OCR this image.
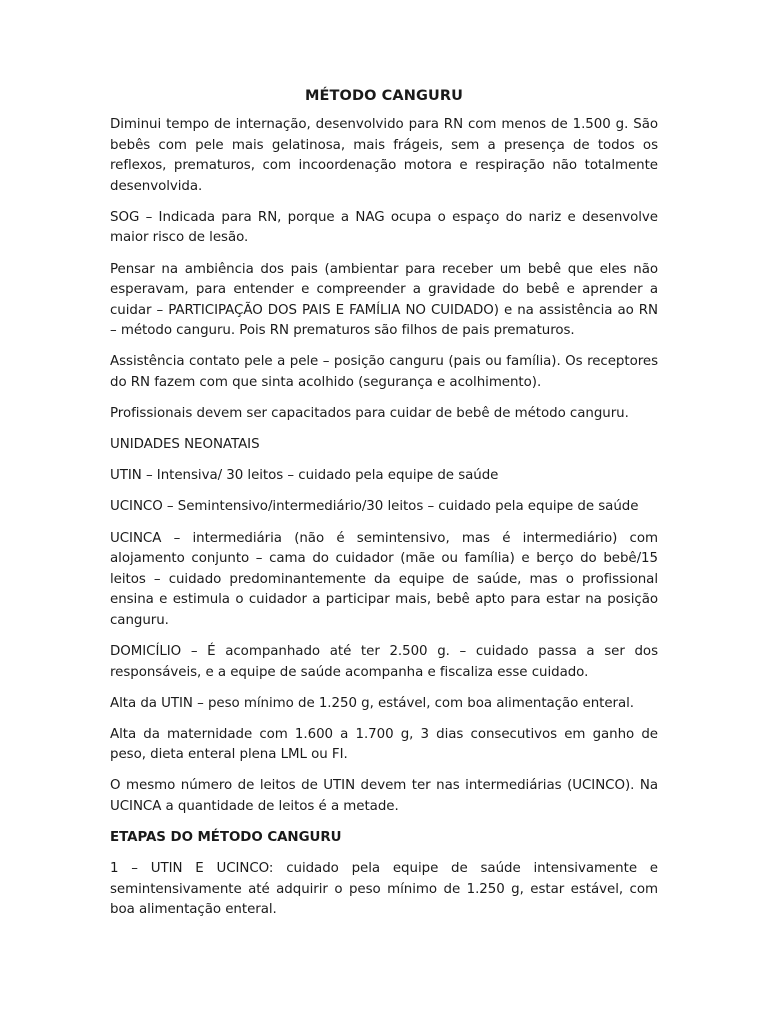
MÉTODO CANGURU

Diminui tempo de internação, desenvolvido para RN com menos de 1.500 g. São bebês com pele mais gelatinosa, mais frágeis, sem a presença de todos os reflexos, prematuros, com incoordenação motora e respiração não totalmente desenvolvida.

SOG – Indicada para RN, porque a NAG ocupa o espaço do nariz e desenvolve maior risco de lesão.

Pensar na ambiência dos pais (ambientar para receber um bebê que eles não esperavam, para entender e compreender a gravidade do bebê e aprender a cuidar – PARTICIPAÇÃO DOS PAIS E FAMÍLIA NO CUIDADO) e na assistência ao RN – método canguru. Pois RN prematuros são filhos de pais prematuros.

Assistência contato pele a pele – posição canguru (pais ou família). Os receptores do RN fazem com que sinta acolhido (segurança e acolhimento).

Profissionais devem ser capacitados para cuidar de bebê de método canguru.

UNIDADES NEONATAIS

UTIN – Intensiva/ 30 leitos – cuidado pela equipe de saúde

UCINCO – Semintensivo/intermediário/30 leitos – cuidado pela equipe de saúde

UCINCA – intermediária (não é semintensivo, mas é intermediário) com alojamento conjunto – cama do cuidador (mãe ou família) e berço do bebê/15 leitos – cuidado predominantemente da equipe de saúde, mas o profissional ensina e estimula o cuidador a participar mais, bebê apto para estar na posição canguru.

DOMICÍLIO – É acompanhado até ter 2.500 g. – cuidado passa a ser dos responsáveis, e a equipe de saúde acompanha e fiscaliza esse cuidado.

Alta da UTIN – peso mínimo de 1.250 g, estável, com boa alimentação enteral.

Alta da maternidade com 1.600 a 1.700 g, 3 dias consecutivos em ganho de peso, dieta enteral plena LML ou FI.

O mesmo número de leitos de UTIN devem ter nas intermediárias (UCINCO). Na UCINCA a quantidade de leitos é a metade.

ETAPAS DO MÉTODO CANGURU

1 – UTIN E UCINCO: cuidado pela equipe de saúde intensivamente e semintensivamente até adquirir o peso mínimo de 1.250 g, estar estável, com boa alimentação enteral.
